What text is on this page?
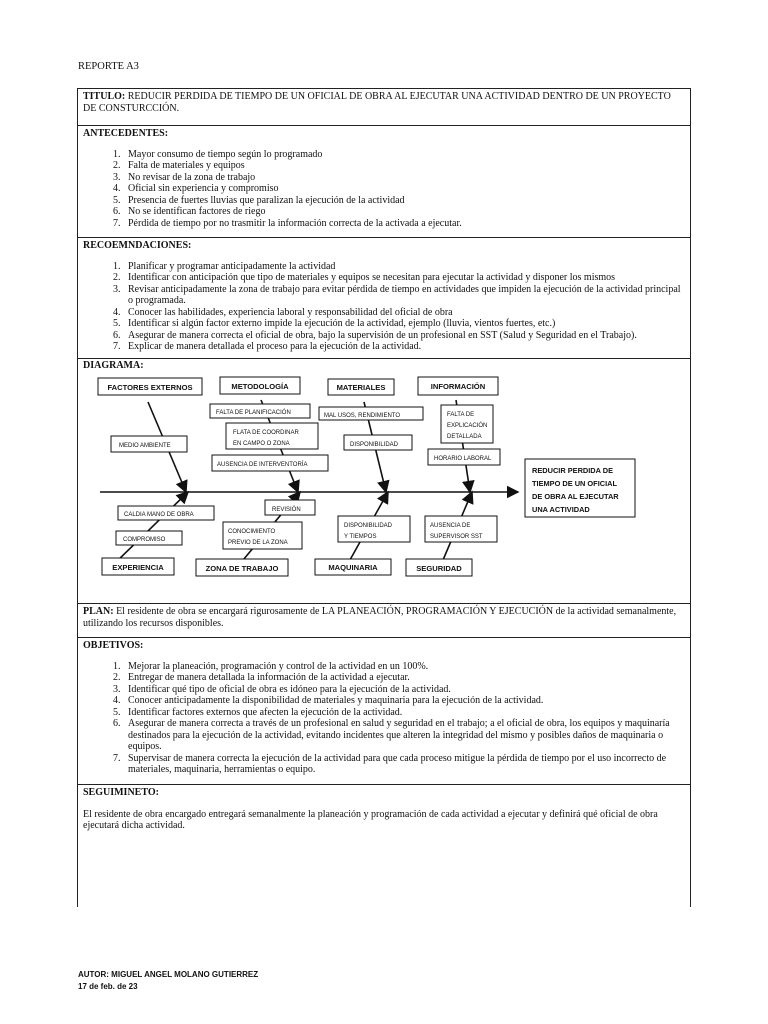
REPORTE A3
TITULO: REDUCIR PERDIDA DE TIEMPO DE UN OFICIAL DE OBRA AL EJECUTAR UNA ACTIVIDAD DENTRO DE UN PROYECTO DE CONSTURCCIÓN.
ANTECEDENTES:
1. Mayor consumo de tiempo según lo programado
2. Falta de materiales y equipos
3. No revisar de la zona de trabajo
4. Oficial sin experiencia y compromiso
5. Presencia de fuertes lluvias que paralizan la ejecución de la actividad
6. No se identifican factores de riego
7. Pérdida de tiempo por no trasmitir la información correcta de la activada a ejecutar.
RECOEMNDACIONES:
1. Planificar y programar anticipadamente la actividad
2. Identificar con anticipación que tipo de materiales y equipos se necesitan para ejecutar la actividad y disponer los mismos
3. Revisar anticipadamente la zona de trabajo para evitar pérdida de tiempo en actividades que impiden la ejecución de la actividad principal o programada.
4. Conocer las habilidades, experiencia laboral y responsabilidad del oficial de obra
5. Identificar si algún factor externo impide la ejecución de la actividad, ejemplo (lluvia, vientos fuertes, etc.)
6. Asegurar de manera correcta el oficial de obra, bajo la supervisión de un profesional en SST (Salud y Seguridad en el Trabajo).
7. Explicar de manera detallada el proceso para la ejecución de la actividad.
DIAGRAMA:
REDUCIR PERDIDA DE
TIEMPO DE UN OFICIAL
DE OBRA AL EJECUTAR
UNA ACTIVIDAD
FACTORES EXTERNOS	METODOLOGÍA	MATERIALES	INFORMACIÓN
EXPERIENCIA	ZONA DE TRABAJO	MAQUINARIA	SEGURIDAD
MEDIO AMBIENTE
FALTA DE PLANIFICACIÓN
FLATA DE COORDINAR
EN CAMPO O ZONA
AUSENCIA DE INTERVENTORÍA
MAL USOS, RENDIMIENTO
DISPONIBILIDAD
FALTA DE
EXPLICACIÓN
DETALLADA
HORARIO LABORAL
CALDIA MANO DE OBRA
COMPROMISO
REVISIÓN
CONOCIMIENTO
PREVIO DE LA ZONA
DISPONIBILIDAD
Y TIEMPOS
AUSENCIA DE
SUPERVISOR SST
PLAN: El residente de obra se encargará rigurosamente de LA PLANEACIÓN, PROGRAMACIÓN Y EJECUCIÓN de la actividad semanalmente, utilizando los recursos disponibles.
OBJETIVOS:
1. Mejorar la planeación, programación y control de la actividad en un 100%.
2. Entregar de manera detallada la información de la actividad a ejecutar.
3. Identificar qué tipo de oficial de obra es idóneo para la ejecución de la actividad.
4. Conocer anticipadamente la disponibilidad de materiales y maquinaria para la ejecución de la actividad.
5. Identificar factores externos que afecten la ejecución de la actividad.
6. Asegurar de manera correcta a través de un profesional en salud y seguridad en el trabajo; a el oficial de obra, los equipos y maquinaría destinados para la ejecución de la actividad, evitando incidentes que alteren la integridad del mismo y posibles daños de maquinaria o equipos.
7. Supervisar de manera correcta la ejecución de la actividad para que cada proceso mitigue la pérdida de tiempo por el uso incorrecto de materiales, maquinaria, herramientas o equipo.
SEGUIMINETO:
El residente de obra encargado entregará semanalmente la planeación y programación de cada actividad a ejecutar y definirá qué oficial de obra ejecutará dicha actividad.
AUTOR: MIGUEL ANGEL MOLANO GUTIERREZ
17 de feb. de 23
